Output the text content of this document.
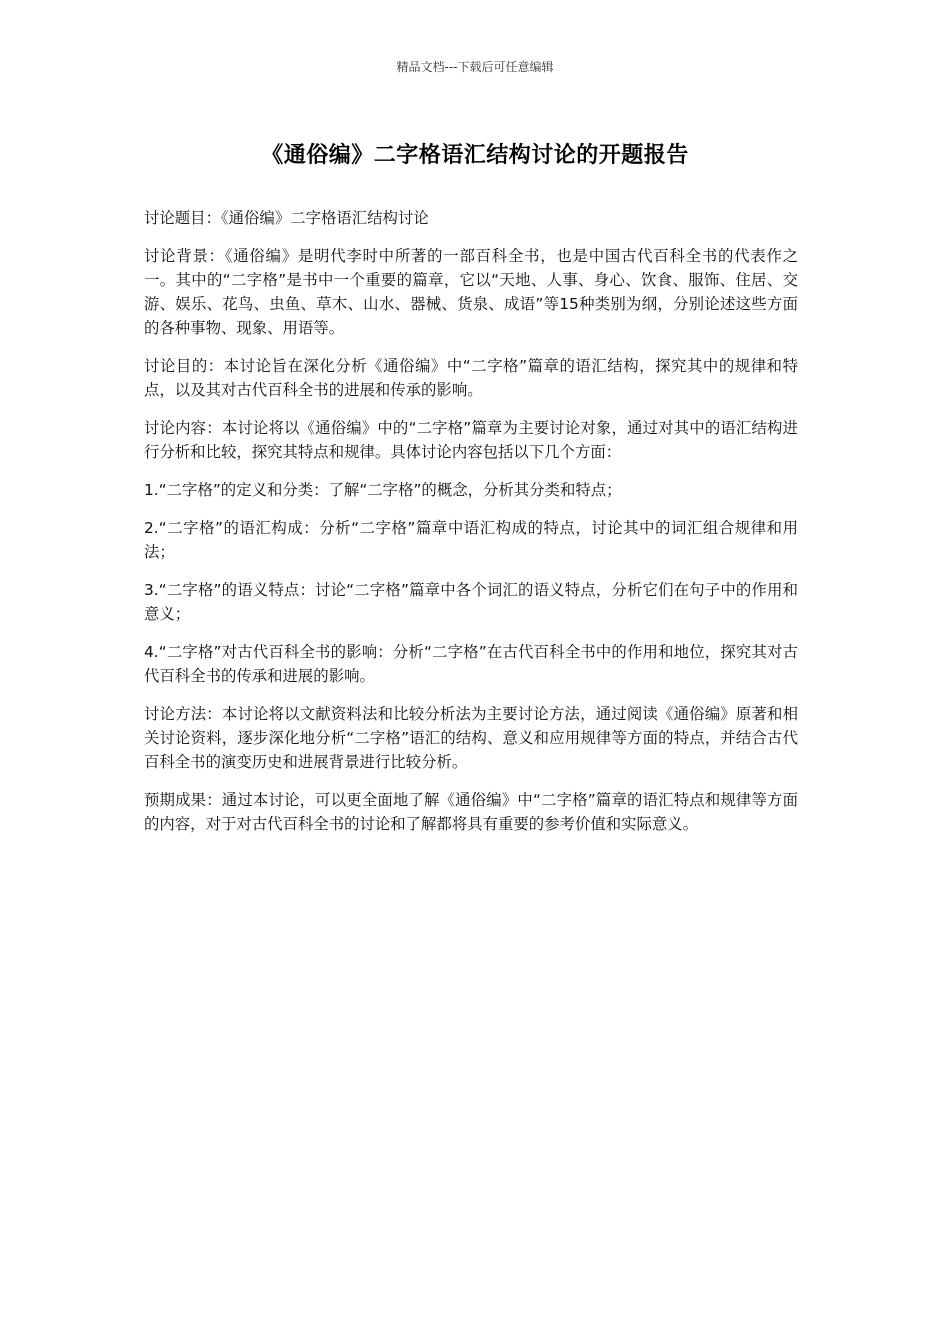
精品文档---下载后可任意编辑
《通俗编》二字格语汇结构讨论的开题报告

讨论题目：《通俗编》二字格语汇结构讨论

讨论背景：《通俗编》是明代李时中所著的一部百科全书，也是中国古代百科全书的代表作之一。其中的“二字格”是书中一个重要的篇章，它以“天地、人事、身心、饮食、服饰、住居、交游、娱乐、花鸟、虫鱼、草木、山水、器械、货泉、成语”等15种类别为纲，分别论述这些方面的各种事物、现象、用语等。

讨论目的：本讨论旨在深化分析《通俗编》中“二字格”篇章的语汇结构，探究其中的规律和特点，以及其对古代百科全书的进展和传承的影响。

讨论内容：本讨论将以《通俗编》中的“二字格”篇章为主要讨论对象，通过对其中的语汇结构进行分析和比较，探究其特点和规律。具体讨论内容包括以下几个方面：

1.“二字格”的定义和分类：了解“二字格”的概念，分析其分类和特点；

2.“二字格”的语汇构成：分析“二字格”篇章中语汇构成的特点，讨论其中的词汇组合规律和用法；

3.“二字格”的语义特点：讨论“二字格”篇章中各个词汇的语义特点，分析它们在句子中的作用和意义；

4.“二字格”对古代百科全书的影响：分析“二字格”在古代百科全书中的作用和地位，探究其对古代百科全书的传承和进展的影响。

讨论方法：本讨论将以文献资料法和比较分析法为主要讨论方法，通过阅读《通俗编》原著和相关讨论资料，逐步深化地分析“二字格”语汇的结构、意义和应用规律等方面的特点，并结合古代百科全书的演变历史和进展背景进行比较分析。

预期成果：通过本讨论，可以更全面地了解《通俗编》中“二字格”篇章的语汇特点和规律等方面的内容，对于对古代百科全书的讨论和了解都将具有重要的参考价值和实际意义。
